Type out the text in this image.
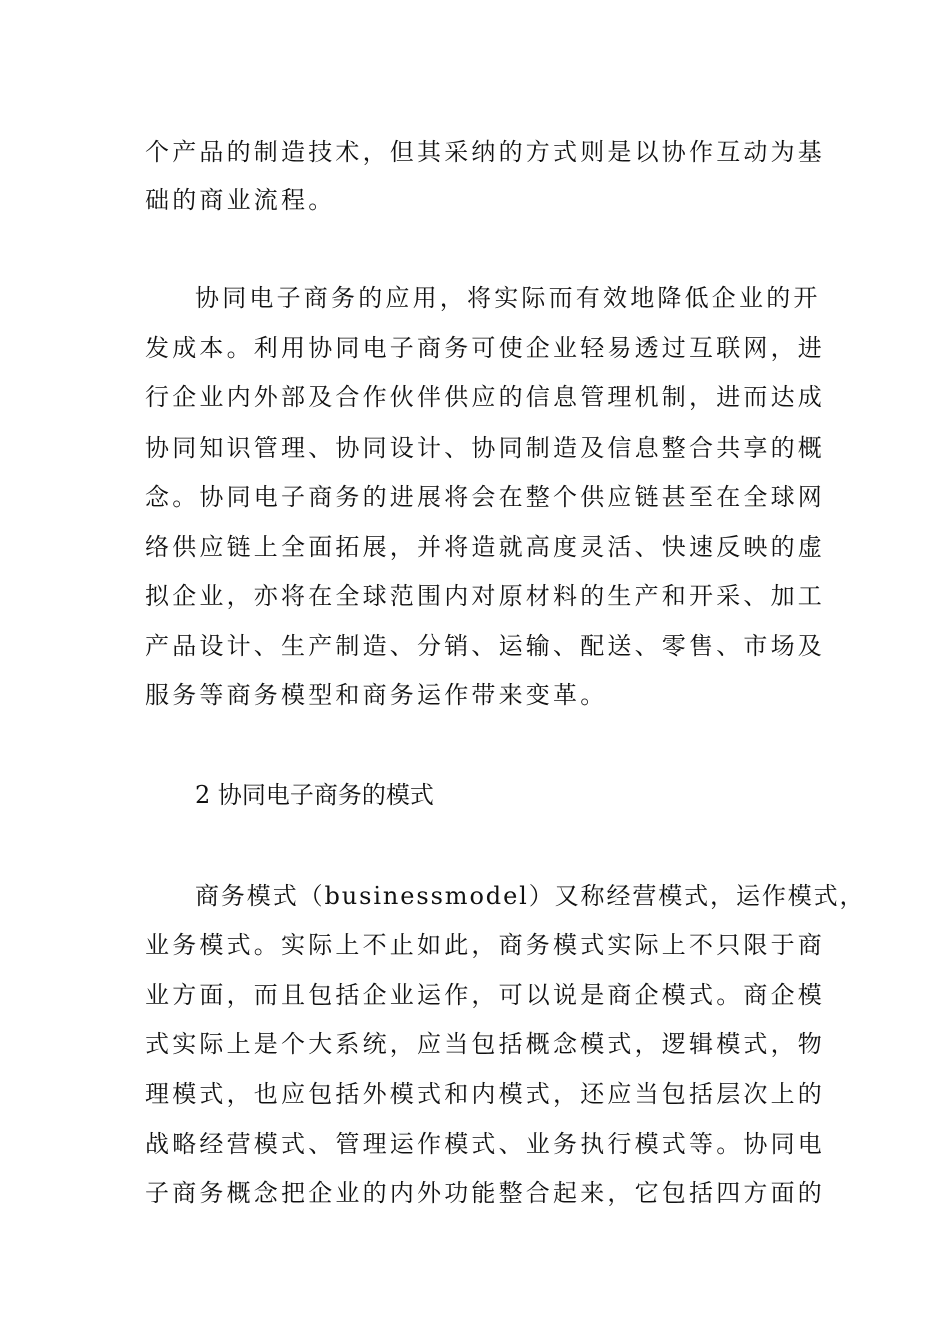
个产品的制造技术，但其采纳的方式则是以协作互动为基
础的商业流程。
协同电子商务的应用，将实际而有效地降低企业的开
发成本。利用协同电子商务可使企业轻易透过互联网，进
行企业内外部及合作伙伴供应的信息管理机制，进而达成
协同知识管理、协同设计、协同制造及信息整合共享的概
念。协同电子商务的进展将会在整个供应链甚至在全球网
络供应链上全面拓展，并将造就高度灵活、快速反映的虚
拟企业，亦将在全球范围内对原材料的生产和开采、加工
产品设计、生产制造、分销、运输、配送、零售、市场及
服务等商务模型和商务运作带来变革。
2 协同电子商务的模式
商务模式（businessmodel）又称经营模式，运作模式，
业务模式。实际上不止如此，商务模式实际上不只限于商
业方面，而且包括企业运作，可以说是商企模式。商企模
式实际上是个大系统，应当包括概念模式，逻辑模式，物
理模式，也应包括外模式和内模式，还应当包括层次上的
战略经营模式、管理运作模式、业务执行模式等。协同电
子商务概念把企业的内外功能整合起来，它包括四方面的
